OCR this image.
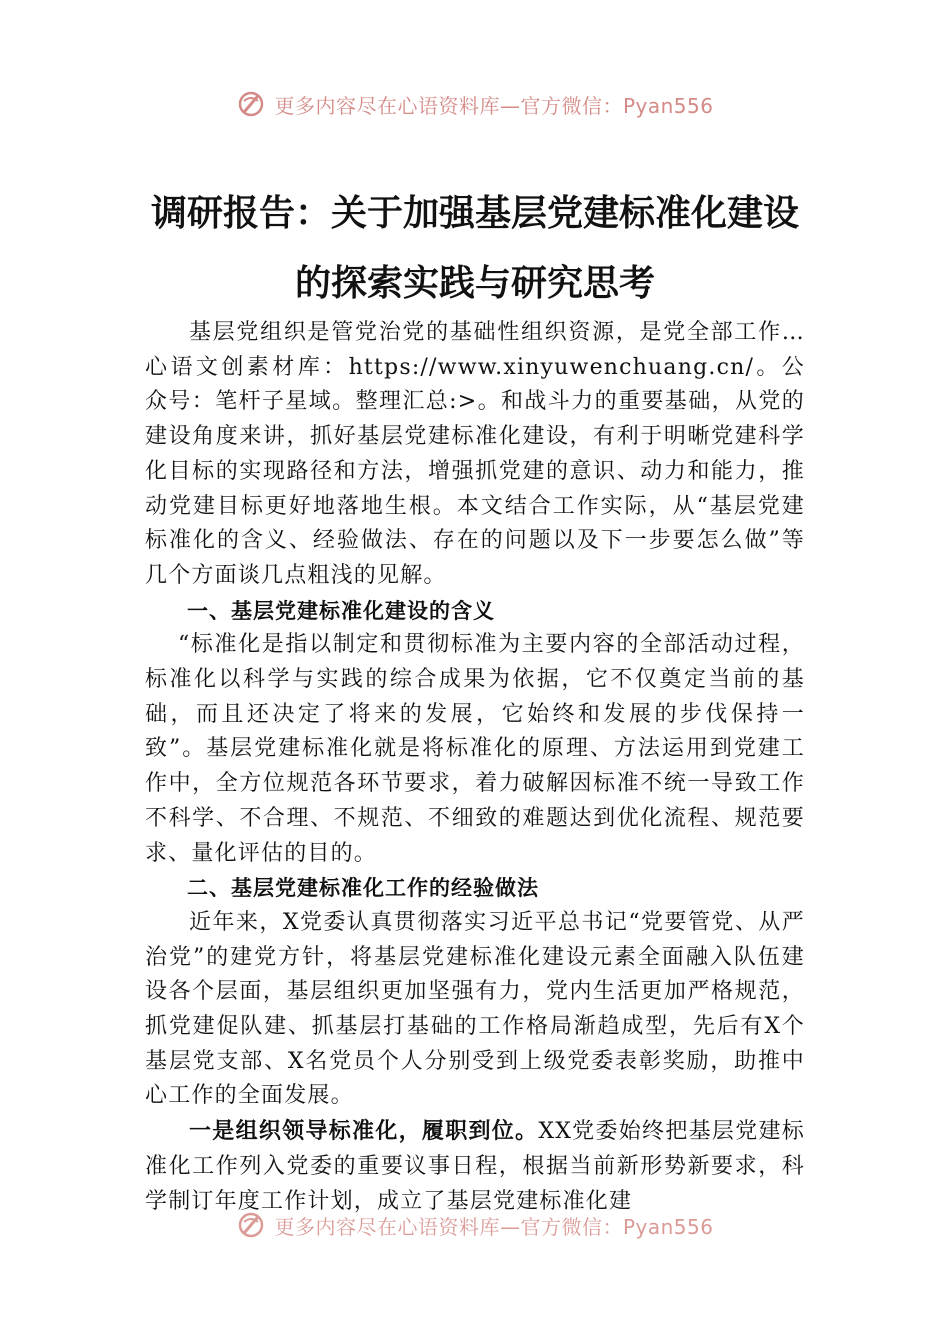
更多内容尽在心语资料库—官方微信：Pyan556
调研报告：关于加强基层党建标准化建设
的探索实践与研究思考

基层党组织是管党治党的基础性组织资源，是党全部工作…心语文创素材库：https://www.xinyuwenchuang.cn/。公众号：笔杆子星域。整理汇总:>。和战斗力的重要基础，从党的建设角度来讲，抓好基层党建标准化建设，有利于明晰党建科学化目标的实现路径和方法，增强抓党建的意识、动力和能力，推动党建目标更好地落地生根。本文结合工作实际，从“基层党建标准化的含义、经验做法、存在的问题以及下一步要怎么做”等几个方面谈几点粗浅的见解。

一、基层党建标准化建设的含义

“标准化是指以制定和贯彻标准为主要内容的全部活动过程，标准化以科学与实践的综合成果为依据，它不仅奠定当前的基础，而且还决定了将来的发展，它始终和发展的步伐保持一致”。基层党建标准化就是将标准化的原理、方法运用到党建工作中，全方位规范各环节要求，着力破解因标准不统一导致工作不科学、不合理、不规范、不细致的难题达到优化流程、规范要求、量化评估的目的。

二、基层党建标准化工作的经验做法

近年来，X党委认真贯彻落实习近平总书记“党要管党、从严治党”的建党方针，将基层党建标准化建设元素全面融入队伍建设各个层面，基层组织更加坚强有力，党内生活更加严格规范，抓党建促队建、抓基层打基础的工作格局渐趋成型，先后有X个基层党支部、X名党员个人分别受到上级党委表彰奖励，助推中心工作的全面发展。

一是组织领导标准化，履职到位。XX党委始终把基层党建标准化工作列入党委的重要议事日程，根据当前新形势新要求，科学制订年度工作计划，成立了基层党建标准化建

更多内容尽在心语资料库—官方微信：Pyan556
